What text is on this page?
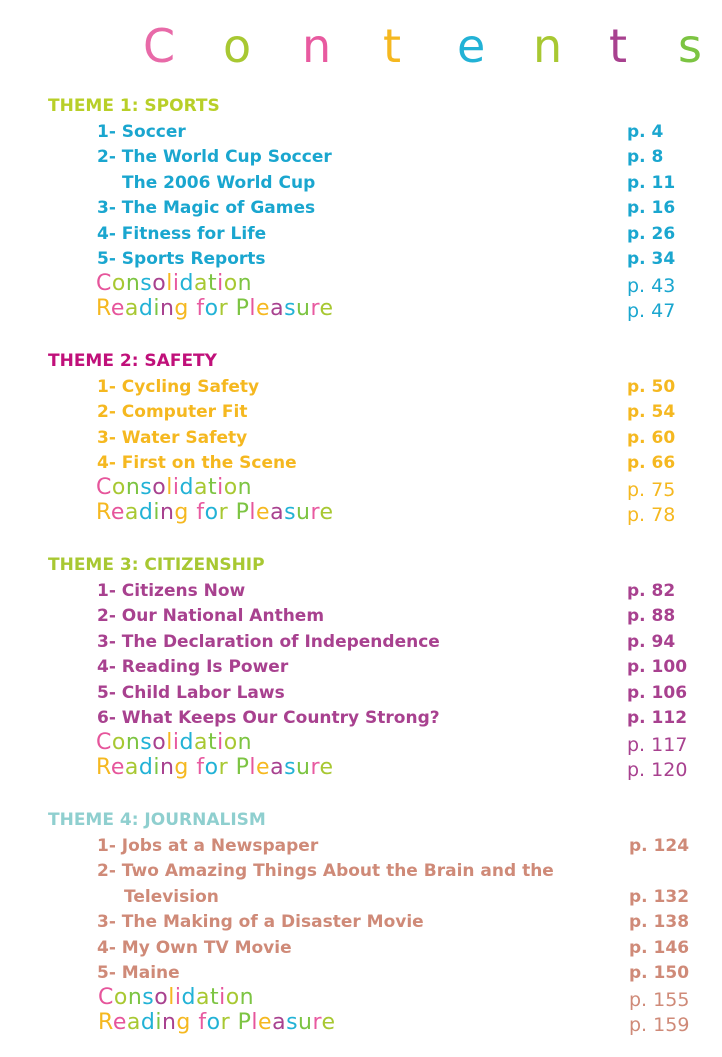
C o n t e n t s
THEME 1: SPORTS
1- Soccer	p. 4
2- The World Cup Soccer	p. 8
The 2006 World Cup	p. 11
3- The Magic of Games	p. 16
4- Fitness for Life	p. 26
5- Sports Reports	p. 34
Consolidation	p. 43
Reading for Pleasure	p. 47
THEME 2: SAFETY
1- Cycling Safety	p. 50
2- Computer Fit	p. 54
3- Water Safety	p. 60
4- First on the Scene	p. 66
Consolidation	p. 75
Reading for Pleasure	p. 78
THEME 3: CITIZENSHIP
1- Citizens Now	p. 82
2- Our National Anthem	p. 88
3- The Declaration of Independence	p. 94
4- Reading Is Power	p. 100
5- Child Labor Laws	p. 106
6- What Keeps Our Country Strong?	p. 112
Consolidation	p. 117
Reading for Pleasure	p. 120
THEME 4: JOURNALISM
1- Jobs at a Newspaper	p. 124
2- Two Amazing Things About the Brain and the
Television	p. 132
3- The Making of a Disaster Movie	p. 138
4- My Own TV Movie	p. 146
5- Maine	p. 150
Consolidation	p. 155
Reading for Pleasure	p. 159
